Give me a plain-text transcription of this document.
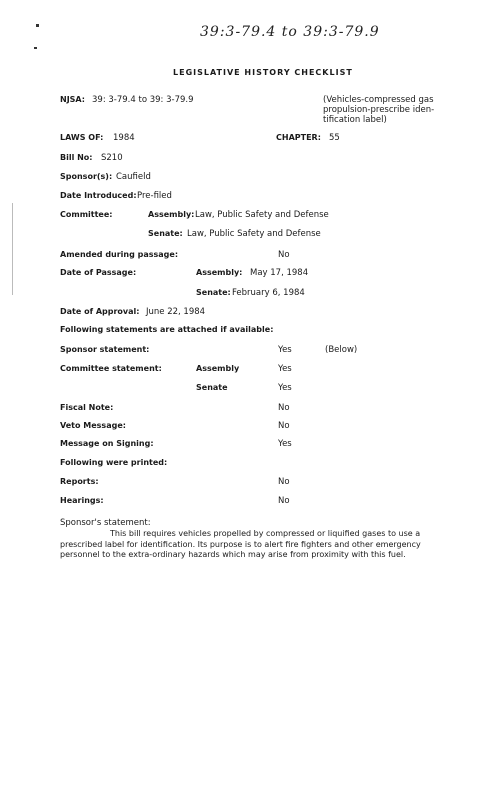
39:3-79.4 to 39:3-79.9
LEGISLATIVE HISTORY CHECKLIST
NJSA: 39: 3-79.4 to 39: 3-79.9	(Vehicles-compressed gas
propulsion-prescribe iden-
tification label)
LAWS OF: 1984	CHAPTER: 55
Bill No: S210
Sponsor(s): Caufield
Date Introduced: Pre-filed
Committee:	Assembly: Law, Public Safety and Defense
Senate: Law, Public Safety and Defense
Amended during passage:	No
Date of Passage:	Assembly: May 17, 1984
Senate: February 6, 1984
Date of Approval: June 22, 1984
Following statements are attached if available:
Sponsor statement:	Yes	(Below)
Committee statement:	Assembly	Yes
Senate	Yes
Fiscal Note:	No
Veto Message:	No
Message on Signing:	Yes
Following were printed:
Reports:	No
Hearings:	No
Sponsor's statement:
This bill requires vehicles propelled by compressed or liquified gases to use a prescribed label for identification. Its purpose is to alert fire fighters and other emergency personnel to the extra-ordinary hazards which may arise from proximity with this fuel.
